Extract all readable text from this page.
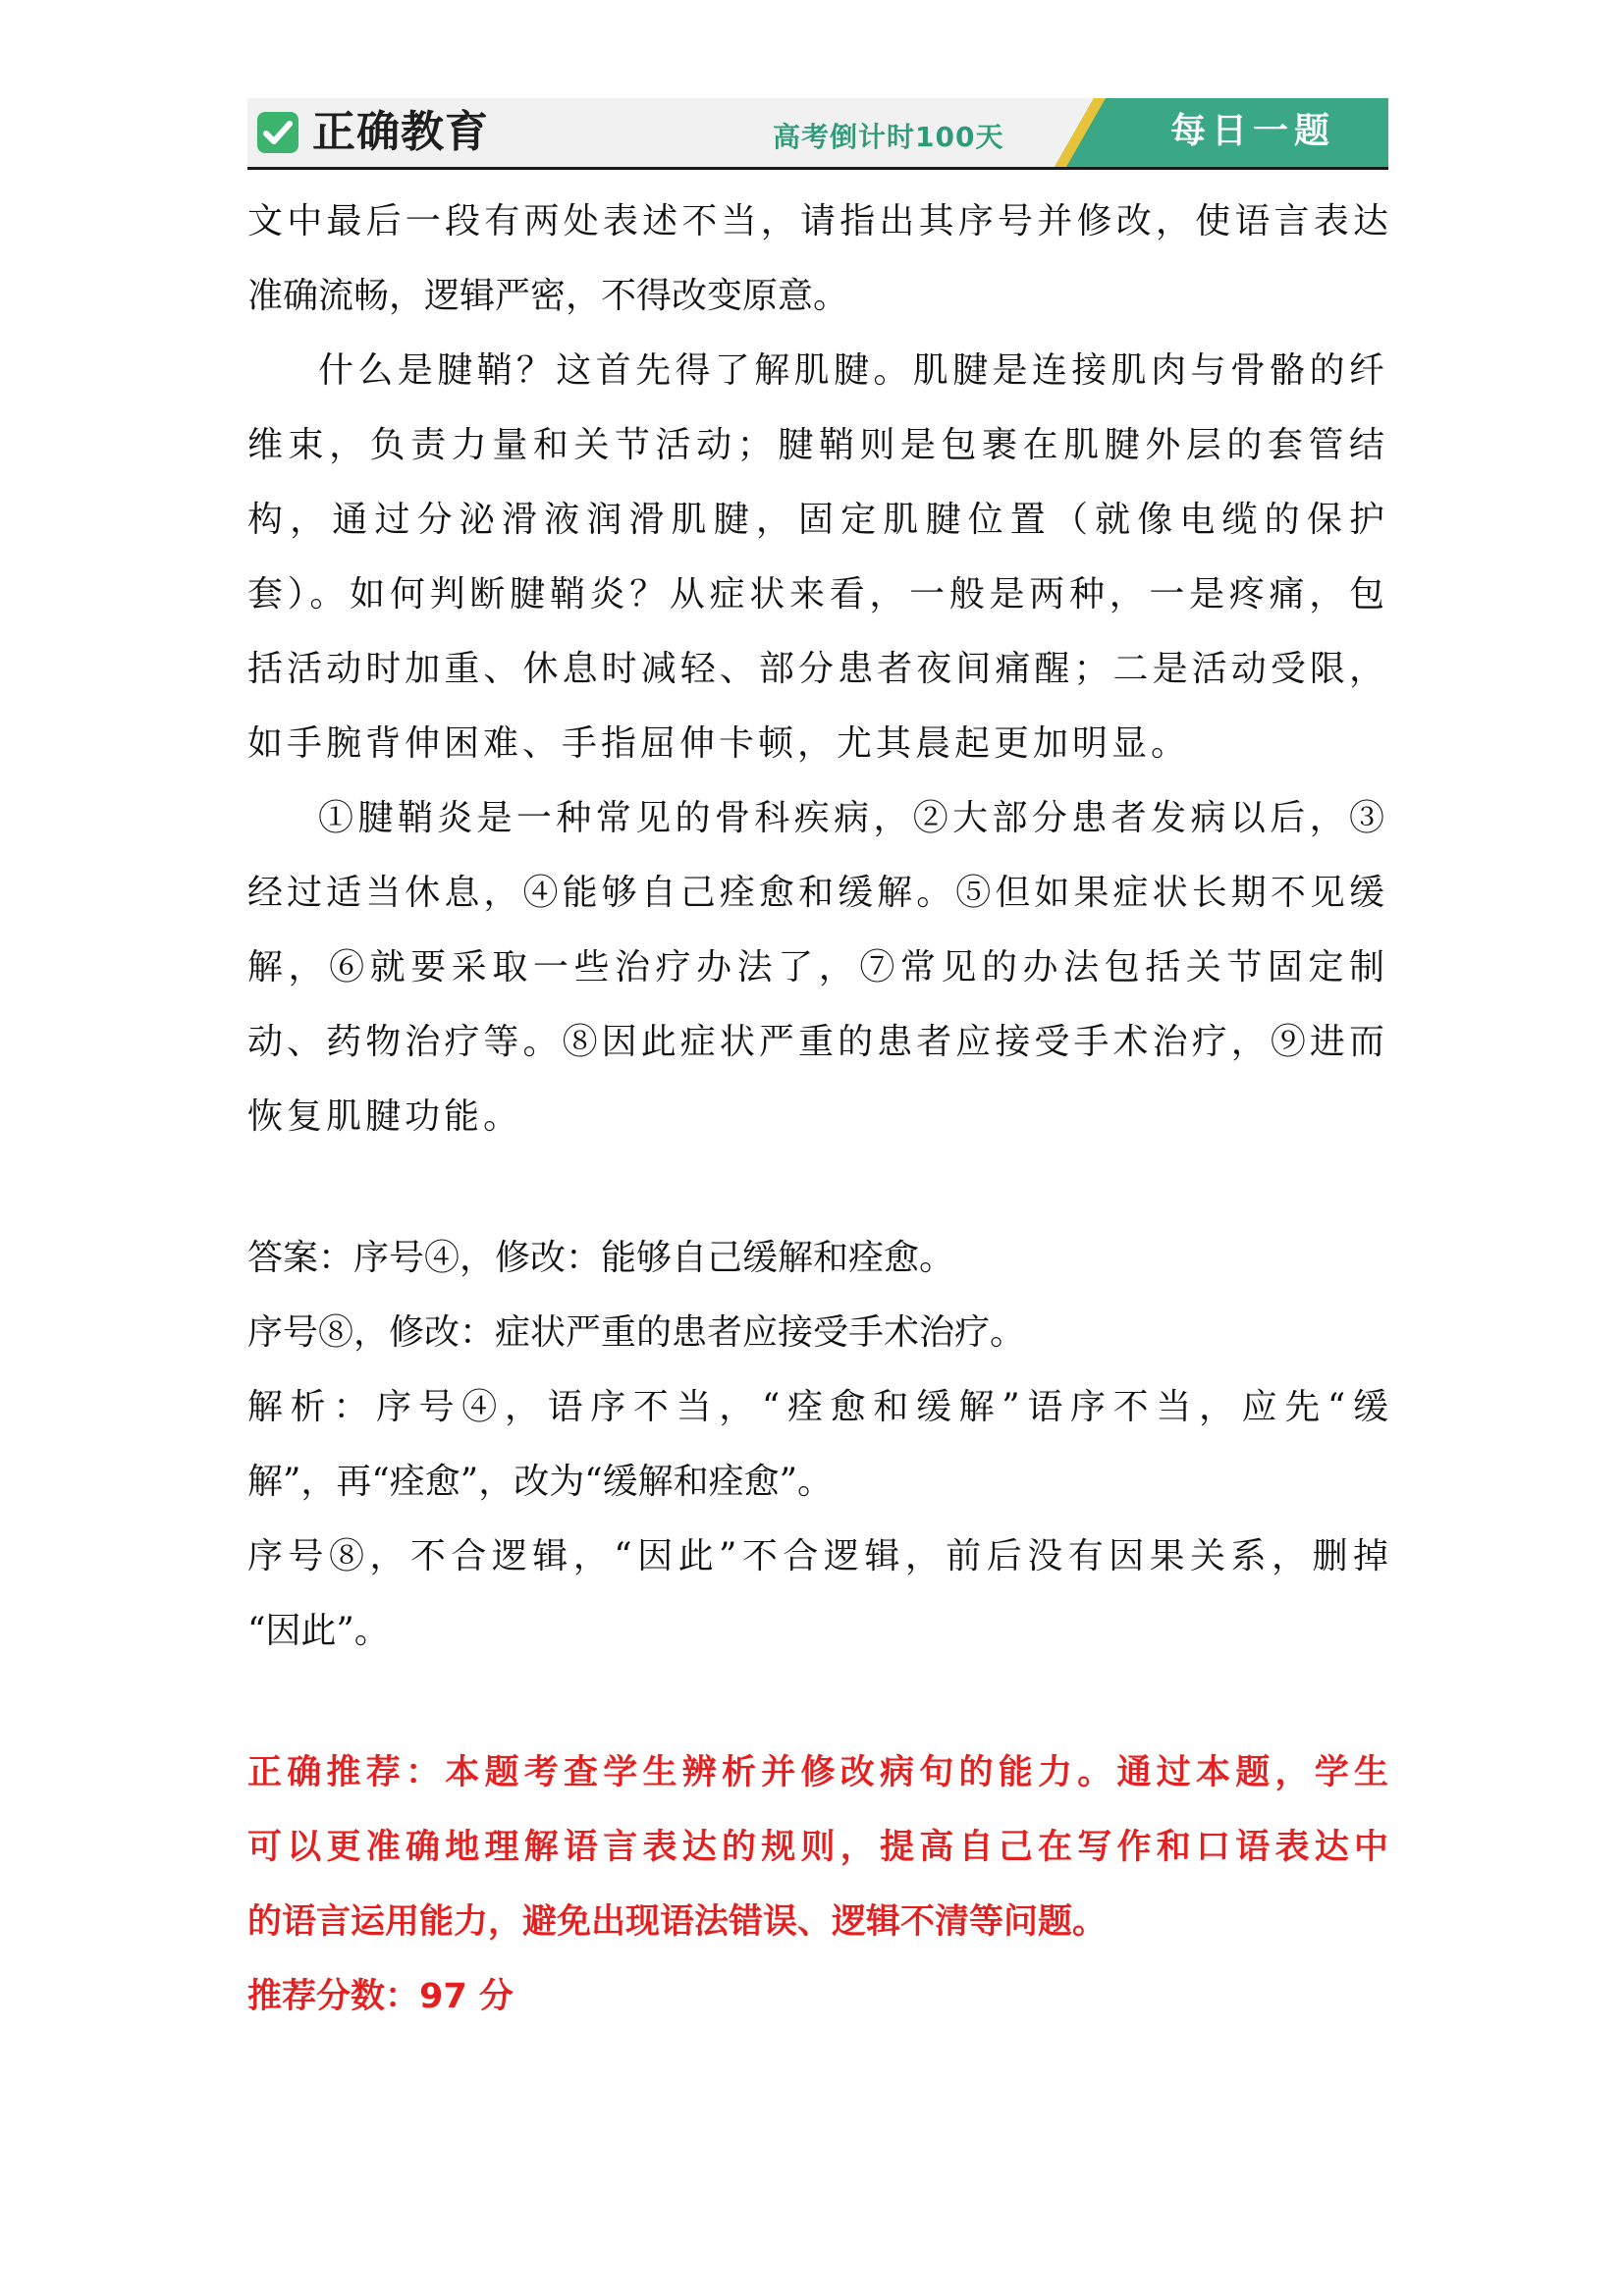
正确教育	高考倒计时100天	每日一题

文中最后一段有两处表述不当，请指出其序号并修改，使语言表达

准确流畅，逻辑严密，不得改变原意。

什么是腱鞘？这首先得了解肌腱。肌腱是连接肌肉与骨骼的纤

维束，负责力量和关节活动；腱鞘则是包裹在肌腱外层的套管结

构，通过分泌滑液润滑肌腱，固定肌腱位置（就像电缆的保护

套）。如何判断腱鞘炎？从症状来看，一般是两种，一是疼痛，包

括活动时加重、休息时减轻、部分患者夜间痛醒；二是活动受限，

如手腕背伸困难、手指屈伸卡顿，尤其晨起更加明显。

①腱鞘炎是一种常见的骨科疾病，②大部分患者发病以后，③

经过适当休息，④能够自己痊愈和缓解。⑤但如果症状长期不见缓

解，⑥就要采取一些治疗办法了，⑦常见的办法包括关节固定制

动、药物治疗等。⑧因此症状严重的患者应接受手术治疗，⑨进而

恢复肌腱功能。

答案：序号④，修改：能够自己缓解和痊愈。

序号⑧，修改：症状严重的患者应接受手术治疗。

解析：序号④，语序不当，“痊愈和缓解”语序不当，应先“缓

解”，再“痊愈”，改为“缓解和痊愈”。

序号⑧，不合逻辑，“因此”不合逻辑，前后没有因果关系，删掉

“因此”。

正确推荐：本题考查学生辨析并修改病句的能力。通过本题，学生

可以更准确地理解语言表达的规则，提高自己在写作和口语表达中

的语言运用能力，避免出现语法错误、逻辑不清等问题。

推荐分数：97 分
